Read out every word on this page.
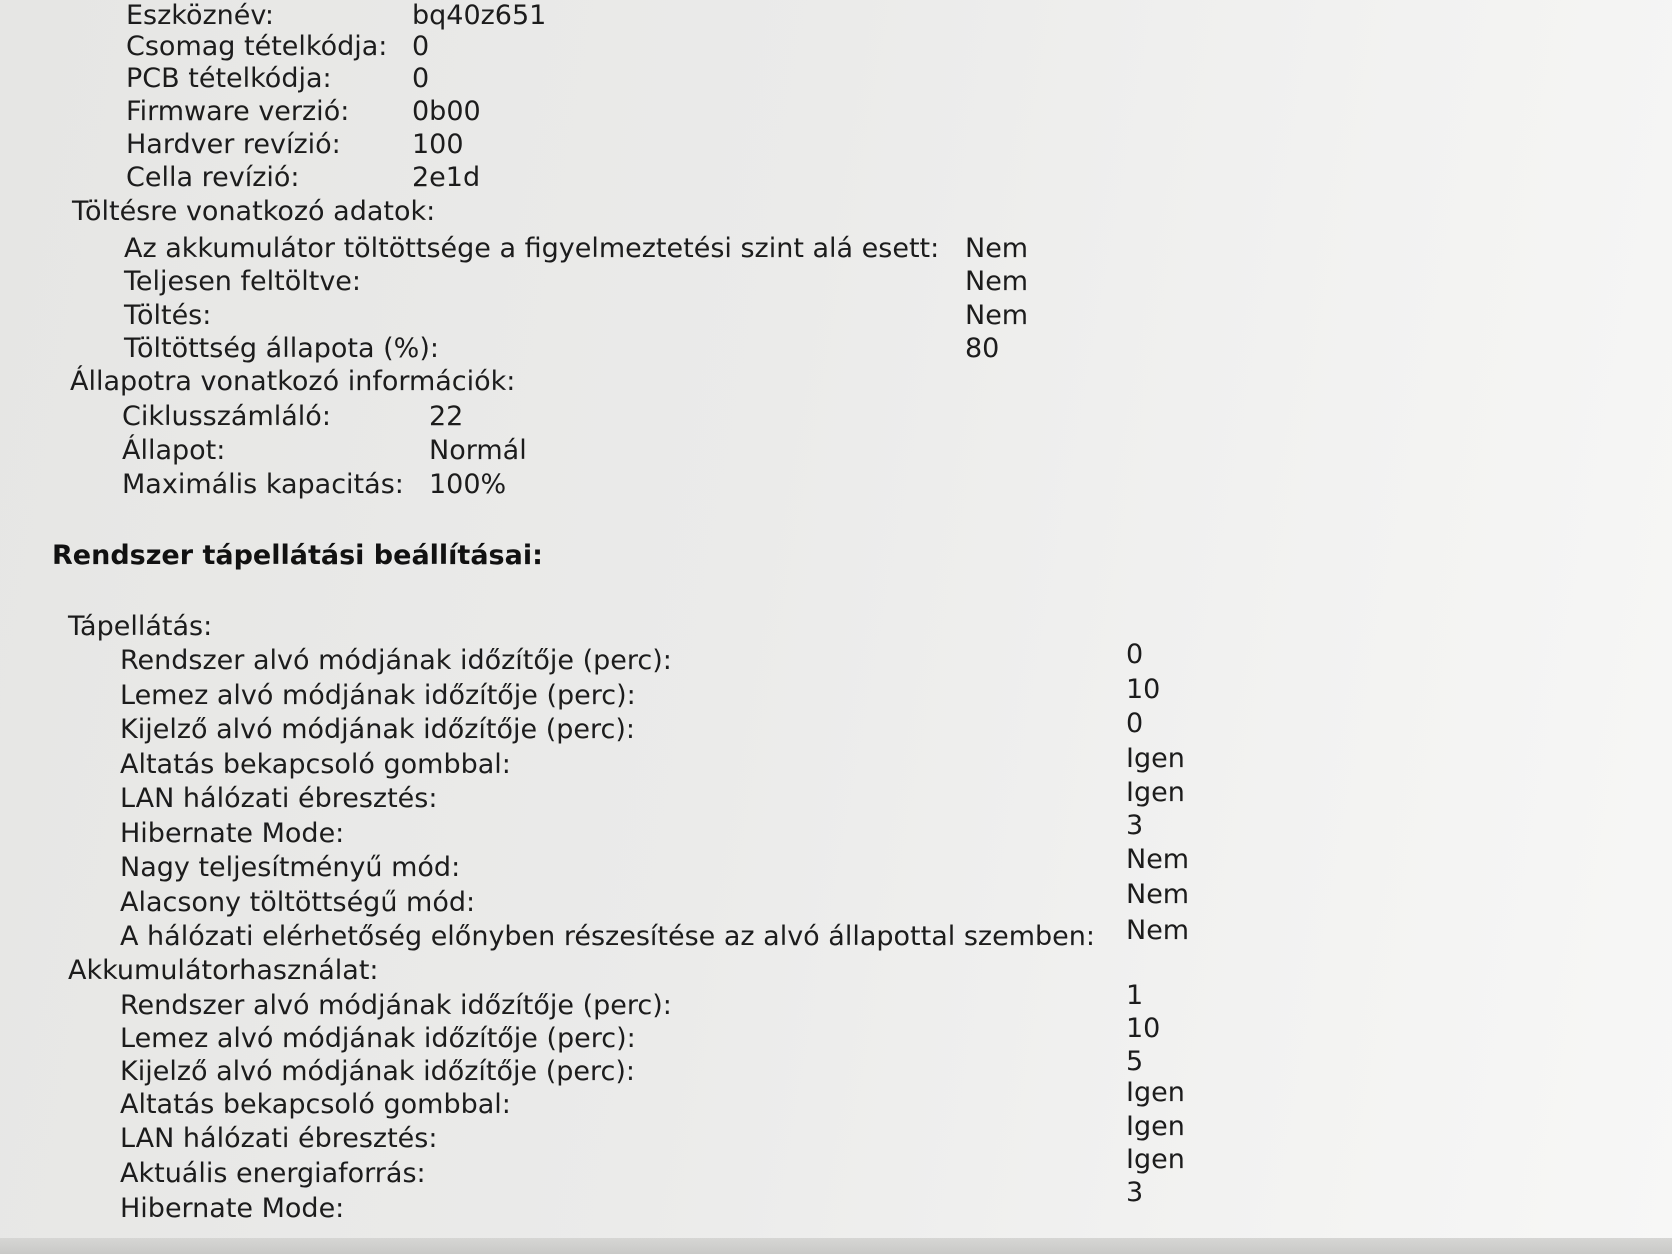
Eszköznév:	bq40z651
Csomag tételkódja: 0
PCB tételkódja:	0
Firmware verzió: 0b00
Hardver revízió:	100
Cella revízió:	2e1d
Töltésre vonatkozó adatok:
Az akkumulátor töltöttsége a figyelmeztetési szint alá esett: Nem
Teljesen feltöltve:	Nem
Töltés:	Nem
Töltöttség állapota (%):	80
Állapotra vonatkozó információk:
Ciklusszámláló:	22
Állapot:	Normál
Maximális kapacitás: 100%
Rendszer tápellátási beállításai:
Tápellátás:
Rendszer alvó módjának időzítője (perc):	0
Lemez alvó módjának időzítője (perc):	10
Kijelző alvó módjának időzítője (perc):	0
Altatás bekapcsoló gombbal:	Igen
LAN hálózati ébresztés:	Igen
Hibernate Mode:	3
Nagy teljesítményű mód:	Nem
Alacsony töltöttségű mód:	Nem
A hálózati elérhetőség előnyben részesítése az alvó állapottal szemben: Nem
Akkumulátorhasználat:
Rendszer alvó módjának időzítője (perc):	1
Lemez alvó módjának időzítője (perc):	10
Kijelző alvó módjának időzítője (perc):	5
Altatás bekapcsoló gombbal:	Igen
LAN hálózati ébresztés:	Igen
Aktuális energiaforrás:	Igen
Hibernate Mode:
3
